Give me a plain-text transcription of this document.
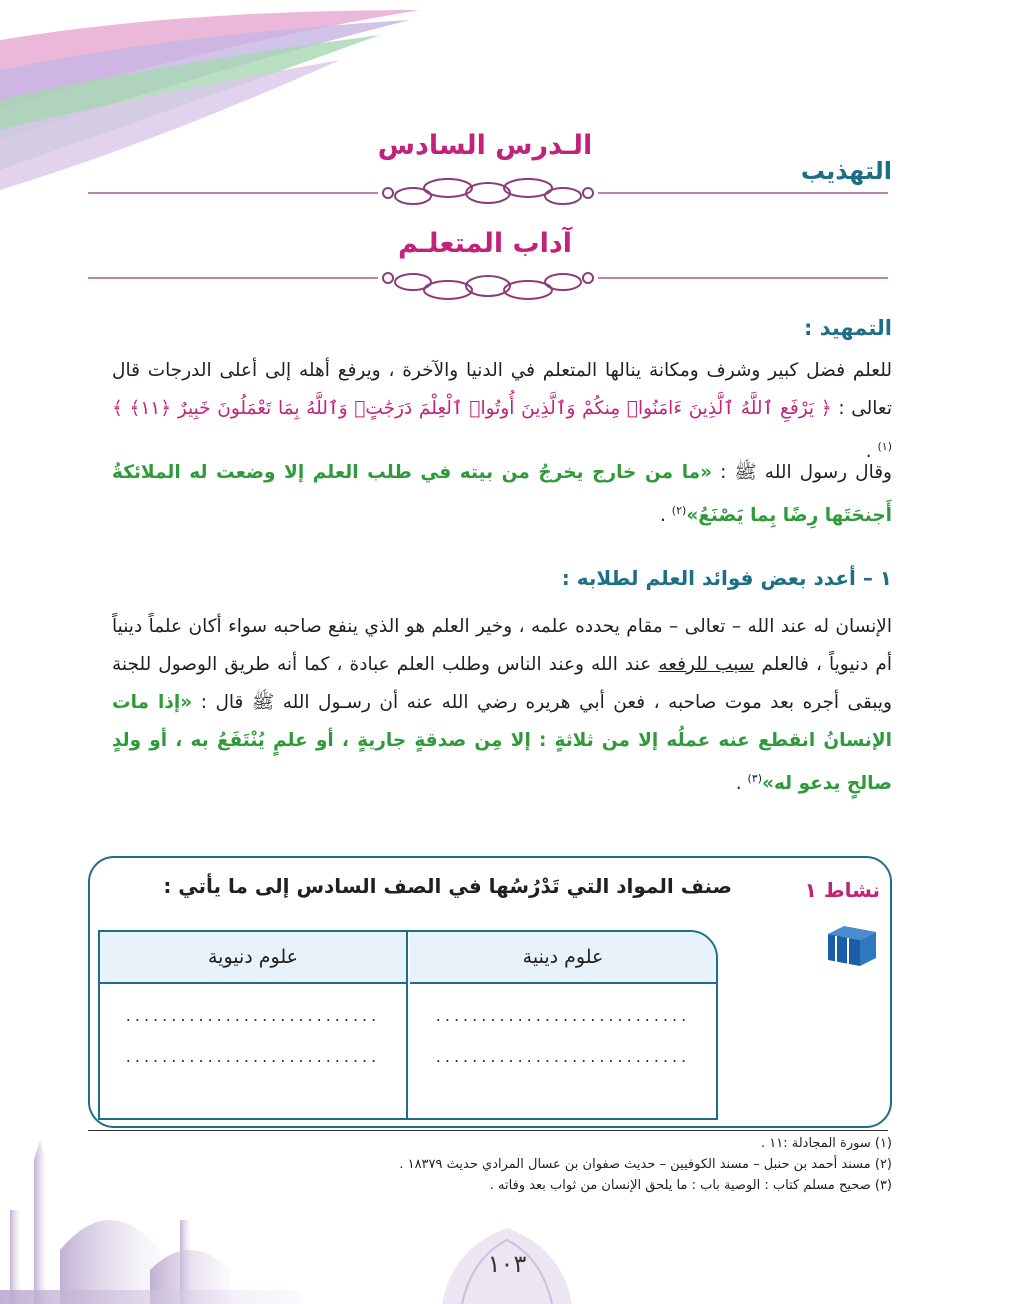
التهذيب
الـدرس السادس
آداب المتعلـم
التمهيد :
للعلم فضل كبير وشرف ومكانة ينالها المتعلم في الدنيا والآخرة ، ويرفع أهله إلى أعلى الدرجات قال تعالى : ﴿ يَرْفَعِ ٱللَّهُ ٱلَّذِينَ ءَامَنُوا۟ مِنكُمْ وَٱلَّذِينَ أُوتُوا۟ ٱلْعِلْمَ دَرَجَٰتٍۚ وَٱللَّهُ بِمَا تَعْمَلُونَ خَبِيرٌ ﴿١١﴾ ﴾$^{(١)}$ .
وقال رسول الله ﷺ : «ما من خارج يخرجُ من بيته في طلب العلم إلا وضعت له الملائكةُ أَجنحَتَها رِضًا بِما يَصْنَعُ»$^{(٢)}$ .
١ – أعدد بعض فوائد العلم لطلابه :
الإنسان له عند الله – تعالى – مقام يحدده علمه ، وخير العلم هو الذي ينفع صاحبه سواء أكان علماً دينياً أم دنيوياً ، فالعلم سبب للرفعه عند الله وعند الناس وطلب العلم عبادة ، كما أنه طريق الوصول للجنة ويبقى أجره بعد موت صاحبه ، فعن أبي هريره رضي الله عنه أن رسـول الله ﷺ قال : «إذا مات الإنسانُ انقطع عنه عملُه إلا من ثلاثةٍ : إلا مِن صدقةٍ جاريةٍ ، أو علمٍ يُنْتَفَعُ به ، أو ولدٍ صالحٍ يدعو له»$^{(٣)}$ .
نشاط ١
صنف المواد التي تَدْرُسُها في الصف السادس إلى ما يأتي :
علوم دينية
............................
............................
علوم دنيوية
............................
............................
(١) سورة المجادلة :١١ .
(٢) مسند أحمد بن حنبل – مسند الكوفيين – حديث صفوان بن عسال المرادي حديث ١٨٣٧٩ .
(٣) صحيح مسلم كتاب : الوصية باب : ما يلحق الإنسان من ثواب بعد وفاته .
١٠٣
